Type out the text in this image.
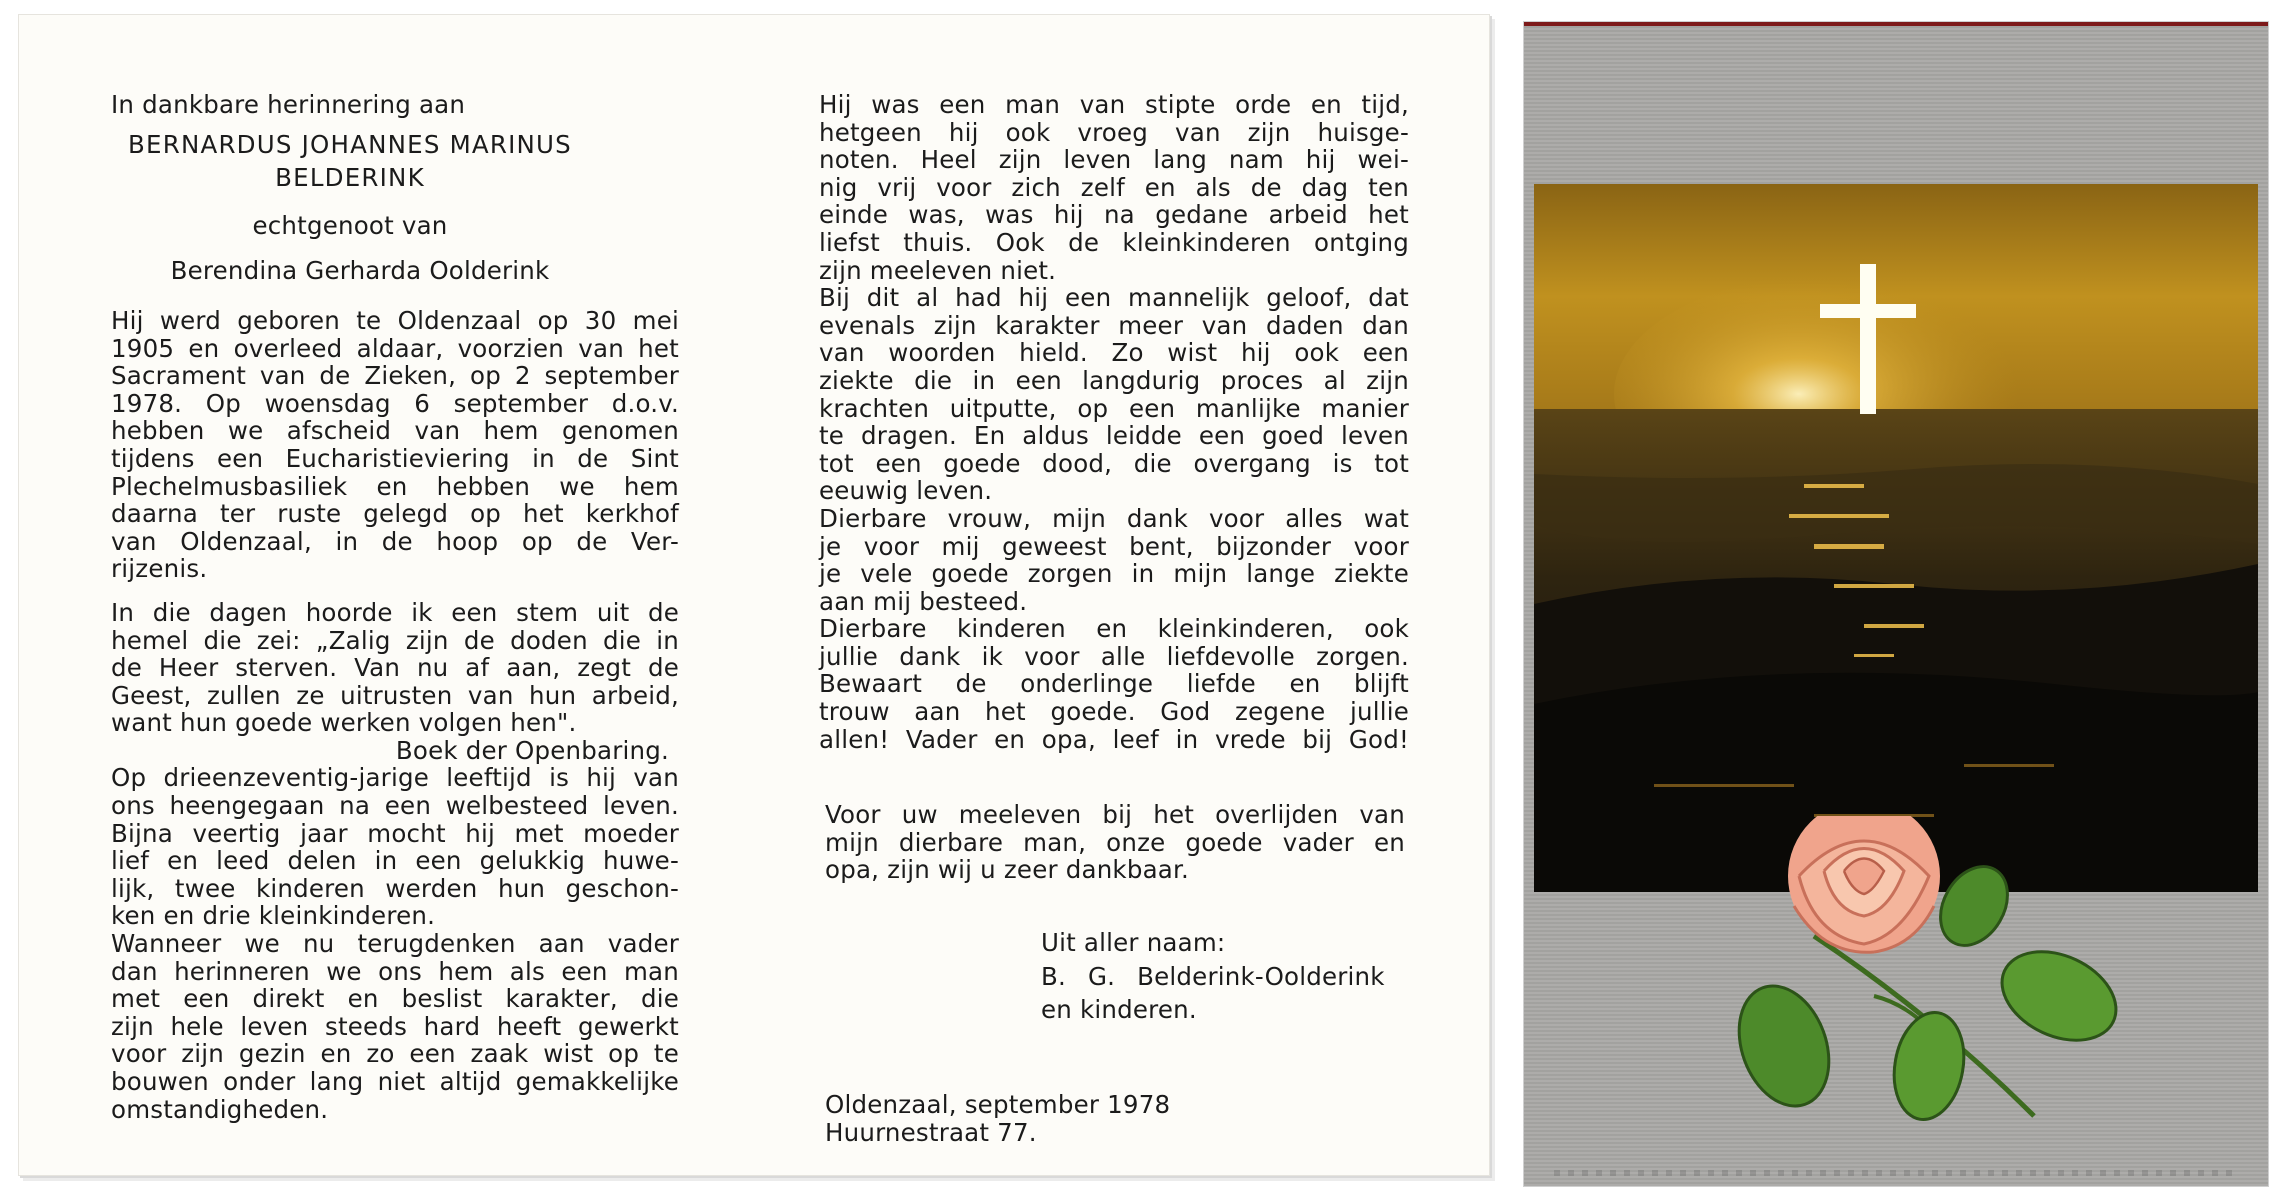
In dankbare herinnering aan
BERNARDUS JOHANNES MARINUS
BELDERINK
echtgenoot van
Berendina Gerharda Oolderink
Hij werd geboren te Oldenzaal op 30 mei
1905 en overleed aldaar, voorzien van het
Sacrament van de Zieken, op 2 september
1978. Op woensdag 6 september d.o.v.
hebben we afscheid van hem genomen
tijdens een Eucharistieviering in de Sint
Plechelmusbasiliek en hebben we hem
daarna ter ruste gelegd op het kerkhof
van Oldenzaal, in de hoop op de Ver-
rijzenis.
In die dagen hoorde ik een stem uit de
hemel die zei: „Zalig zijn de doden die in
de Heer sterven. Van nu af aan, zegt de
Geest, zullen ze uitrusten van hun arbeid,
want hun goede werken volgen hen".
Boek der Openbaring.
Op drieenzeventig-jarige leeftijd is hij van
ons heengegaan na een welbesteed leven.
Bijna veertig jaar mocht hij met moeder
lief en leed delen in een gelukkig huwe-
lijk, twee kinderen werden hun geschon-
ken en drie kleinkinderen.
Wanneer we nu terugdenken aan vader
dan herinneren we ons hem als een man
met een direkt en beslist karakter, die
zijn hele leven steeds hard heeft gewerkt
voor zijn gezin en zo een zaak wist op te
bouwen onder lang niet altijd gemakkelijke
omstandigheden.
Hij was een man van stipte orde en tijd,
hetgeen hij ook vroeg van zijn huisge-
noten. Heel zijn leven lang nam hij wei-
nig vrij voor zich zelf en als de dag ten
einde was, was hij na gedane arbeid het
liefst thuis. Ook de kleinkinderen ontging
zijn meeleven niet.
Bij dit al had hij een mannelijk geloof, dat
evenals zijn karakter meer van daden dan
van woorden hield. Zo wist hij ook een
ziekte die in een langdurig proces al zijn
krachten uitputte, op een manlijke manier
te dragen. En aldus leidde een goed leven
tot een goede dood, die overgang is tot
eeuwig leven.
Dierbare vrouw, mijn dank voor alles wat
je voor mij geweest bent, bijzonder voor
je vele goede zorgen in mijn lange ziekte
aan mij besteed.
Dierbare kinderen en kleinkinderen, ook
jullie dank ik voor alle liefdevolle zorgen.
Bewaart de onderlinge liefde en blijft
trouw aan het goede. God zegene jullie
allen! Vader en opa, leef in vrede bij God!
Voor uw meeleven bij het overlijden van
mijn dierbare man, onze goede vader en
opa, zijn wij u zeer dankbaar.
Uit aller naam:
B. G. Belderink-Oolderink
en kinderen.
Oldenzaal, september 1978
Huurnestraat 77.
